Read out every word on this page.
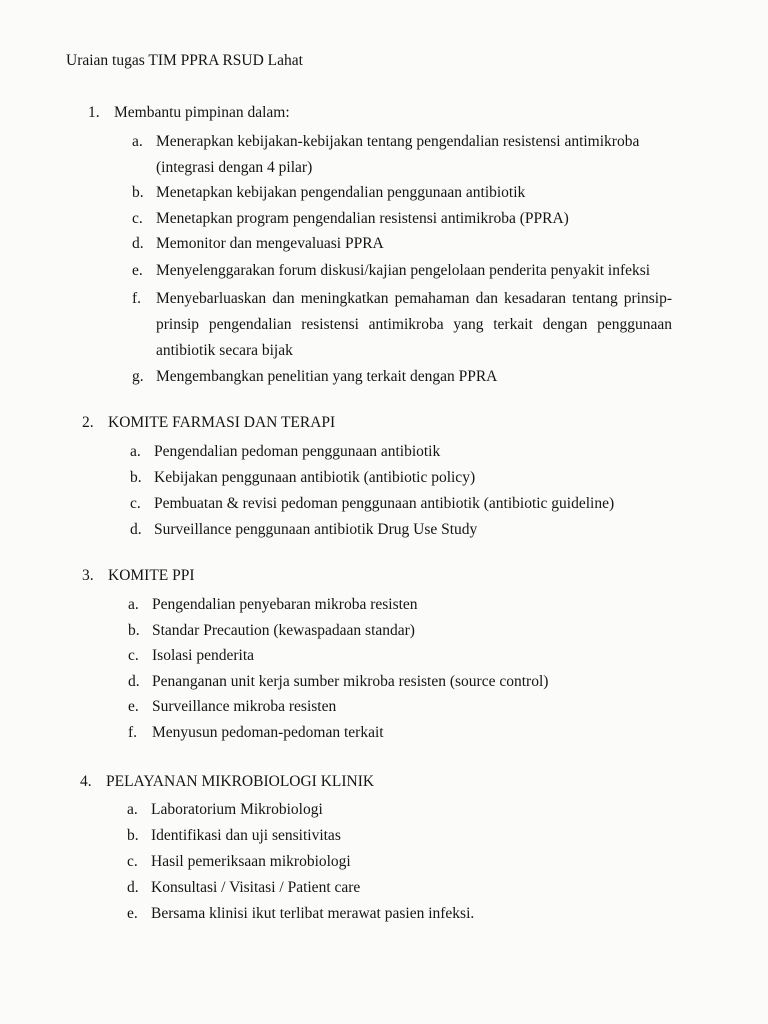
Uraian tugas TIM PPRA RSUD Lahat
1. Membantu pimpinan dalam:
a. Menerapkan kebijakan-kebijakan tentang pengendalian resistensi antimikroba (integrasi dengan 4 pilar)
b. Menetapkan kebijakan pengendalian penggunaan antibiotik
c. Menetapkan program pengendalian resistensi antimikroba (PPRA)
d. Memonitor dan mengevaluasi PPRA
e. Menyelenggarakan forum diskusi/kajian pengelolaan penderita penyakit infeksi
f. Menyebarluaskan dan meningkatkan pemahaman dan kesadaran tentang prinsip-prinsip pengendalian resistensi antimikroba yang terkait dengan penggunaan antibiotik secara bijak
g. Mengembangkan penelitian yang terkait dengan PPRA
2. KOMITE FARMASI DAN TERAPI
a. Pengendalian pedoman penggunaan antibiotik
b. Kebijakan penggunaan antibiotik (antibiotic policy)
c. Pembuatan & revisi pedoman penggunaan antibiotik (antibiotic guideline)
d. Surveillance penggunaan antibiotik Drug Use Study
3. KOMITE PPI
a. Pengendalian penyebaran mikroba resisten
b. Standar Precaution (kewaspadaan standar)
c. Isolasi penderita
d. Penanganan unit kerja sumber mikroba resisten (source control)
e. Surveillance mikroba resisten
f. Menyusun pedoman-pedoman terkait
4. PELAYANAN MIKROBIOLOGI KLINIK
a. Laboratorium Mikrobiologi
b. Identifikasi dan uji sensitivitas
c. Hasil pemeriksaan mikrobiologi
d. Konsultasi / Visitasi / Patient care
e. Bersama klinisi ikut terlibat merawat pasien infeksi.
